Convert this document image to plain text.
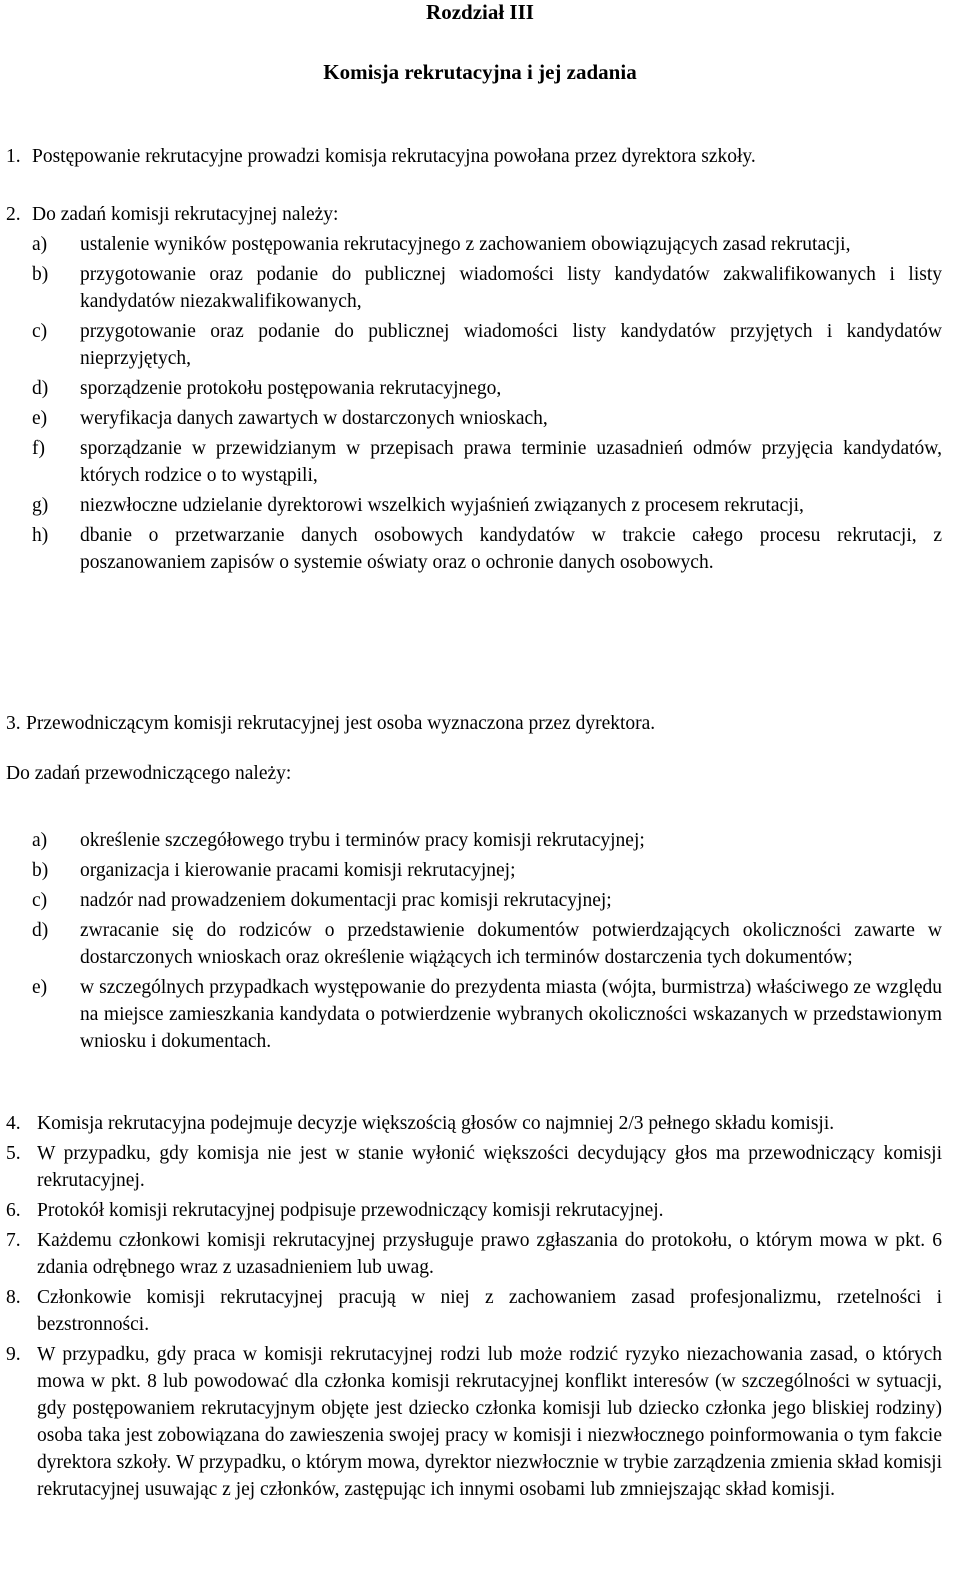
Rozdział III
Komisja rekrutacyjna i jej zadania
1. Postępowanie rekrutacyjne prowadzi komisja rekrutacyjna powołana przez dyrektora szkoły.
2. Do zadań komisji rekrutacyjnej należy:
a)	ustalenie wyników postępowania rekrutacyjnego z zachowaniem obowiązujących zasad rekrutacji,
b)	przygotowanie oraz podanie do publicznej wiadomości listy kandydatów zakwalifikowanych i listy kandydatów niezakwalifikowanych,
c)	przygotowanie oraz podanie do publicznej wiadomości listy kandydatów przyjętych i kandydatów nieprzyjętych,
d)	sporządzenie protokołu postępowania rekrutacyjnego,
e)	weryfikacja danych zawartych w dostarczonych wnioskach,
f)	sporządzanie w przewidzianym w przepisach prawa terminie uzasadnień odmów przyjęcia kandydatów, których rodzice o to wystąpili,
g)	niezwłoczne udzielanie dyrektorowi wszelkich wyjaśnień związanych z procesem rekrutacji,
h)	dbanie o przetwarzanie danych osobowych kandydatów w trakcie całego procesu rekrutacji, z poszanowaniem zapisów o systemie oświaty oraz o ochronie danych osobowych.
3. Przewodniczącym komisji rekrutacyjnej jest osoba wyznaczona przez dyrektora.
Do zadań przewodniczącego należy:
a)	określenie szczegółowego trybu i terminów pracy komisji rekrutacyjnej;
b)	organizacja i kierowanie pracami komisji rekrutacyjnej;
c)	nadzór nad prowadzeniem dokumentacji prac komisji rekrutacyjnej;
d)	zwracanie się do rodziców o przedstawienie dokumentów potwierdzających okoliczności zawarte w dostarczonych wnioskach oraz określenie wiążących ich terminów dostarczenia tych dokumentów;
e)	w szczególnych przypadkach występowanie do prezydenta miasta (wójta, burmistrza) właściwego ze względu na miejsce zamieszkania kandydata o potwierdzenie wybranych okoliczności wskazanych w przedstawionym wniosku i dokumentach.
4. Komisja rekrutacyjna podejmuje decyzje większością głosów co najmniej 2/3 pełnego składu komisji.
5. W przypadku, gdy komisja nie jest w stanie wyłonić większości decydujący głos ma przewodniczący komisji rekrutacyjnej.
6. Protokół komisji rekrutacyjnej podpisuje przewodniczący komisji rekrutacyjnej.
7. Każdemu członkowi komisji rekrutacyjnej przysługuje prawo zgłaszania do protokołu, o którym mowa w pkt. 6 zdania odrębnego wraz z uzasadnieniem lub uwag.
8. Członkowie komisji rekrutacyjnej pracują w niej z zachowaniem zasad profesjonalizmu, rzetelności i bezstronności.
9. W przypadku, gdy praca w komisji rekrutacyjnej rodzi lub może rodzić ryzyko niezachowania zasad, o których mowa w pkt. 8 lub powodować dla członka komisji rekrutacyjnej konflikt interesów (w szczególności w sytuacji, gdy postępowaniem rekrutacyjnym objęte jest dziecko członka komisji lub dziecko członka jego bliskiej rodziny) osoba taka jest zobowiązana do zawieszenia swojej pracy w komisji i niezwłocznego poinformowania o tym fakcie dyrektora szkoły. W przypadku, o którym mowa, dyrektor niezwłocznie w trybie zarządzenia zmienia skład komisji rekrutacyjnej usuwając z jej członków, zastępując ich innymi osobami lub zmniejszając skład komisji.
